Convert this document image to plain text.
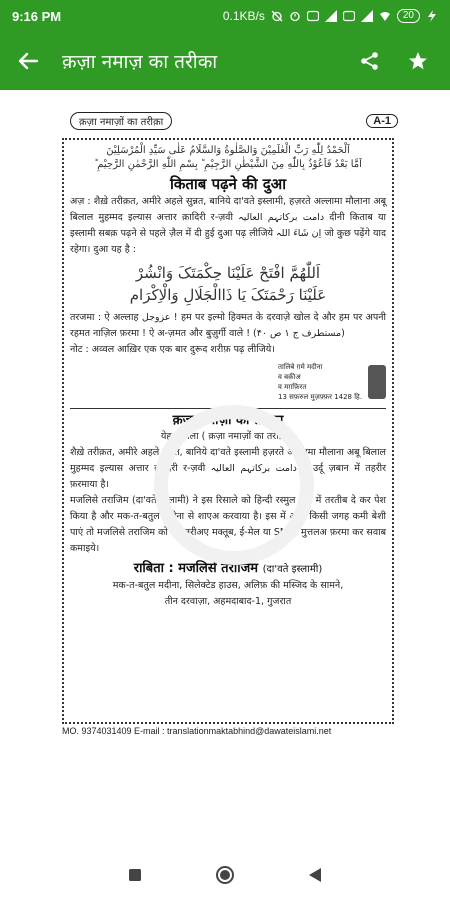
9:16 PM	0.1KB/s	20
क़ज़ा नमाज़ का तरीका
क़ज़ा नमाज़ों का तरीक़ा	A-1
اَلْحَمْدُ لِلّٰهِ رَبِّ الْعٰلَمِیْنَ وَالصَّلٰوةُ وَالسَّلَامُ عَلٰی سَیِّدِ الْمُرْسَلِیْنَ
اَمَّا بَعْدُ فَاَعُوْذُ بِاللّٰهِ مِنَ الشَّیْطٰنِ الرَّجِیْمِ ؕ بِسْمِ اللّٰهِ الرَّحْمٰنِ الرَّحِیْمِ ؕ
किताब पढ़ने की दुआ
अज़ : शैख़े तरीक़त, अमीरे अहले सुन्नत, बानिये दा'वते इस्लामी, हज़रते अल्लामा मौलाना अबू बिलाल मुहम्मद इल्यास अत्तार क़ादिरी र-ज़वी دامت برکاتہم العالیہ दीनी किताब या इस्लामी सबक़ पढ़ने से पहले ज़ैल में दी हुई दुआ पढ़ लीजिये اِن شَاءَ اللہ जो कुछ पढ़ेंगे याद रहेगा। दुआ यह है :
اَللّٰهُمَّ افْتَحْ عَلَیْنَا حِکْمَتَکَ وَانْشُرْ
عَلَیْنَا رَحْمَتَکَ یَا ذَاالْجَلَالِ وَالْاِکْرَام
तरजमा : ऐ अल्लाह عزوجل ! हम पर इल्मो हिक्मत के दरवाज़े खोल दे और हम पर अपनी रहमत नाज़िल फ़रमा ! ऐ अ-ज़मत और बुज़ुर्गी वाले ! (مستطرف ج ۱ ص ۴۰)
नोट : अव्वल आख़िर एक एक बार दुरूद शरीफ़ पढ़ लीजिये।
तालिबे ग़मे मदीना
व बक़ीअ
व मग़फ़िरत
13 सफ़रुल मुज़फ़्फ़र 1428 हि.
क़ज़ा नमाज़ों का तरीक़ा
येह रिसाला ( क़ज़ा नमाज़ों का तरीक़ा )
शैख़े तरीक़त, अमीरे अहले सुन्नत, बानिये दा'वते इस्लामी हज़रते अल्लामा मौलाना अबू बिलाल मुहम्मद इल्यास अत्तार क़ादिरी र-ज़वी دامت برکاتہم العالیہ ने उर्दू ज़बान में तहरीर फ़रमाया है।
मजलिसे तराजिम (दा'वते इस्लामी) ने इस रिसाले को हिन्दी रस्मुल ख़त में तरतीब दे कर पेश किया है और मक-त-बतुल मदीना से शाएअ करवाया है। इस में अगर किसी जगह कमी बेशी पाएं तो मजलिसे तराजिम को (ब ज़रीअए मक्तूब, ई-मेल या SMS) मुत्तलअ फ़रमा कर सवाब कमाइये।
राबिता : मजलिसे तराजिम (दा'वते इस्लामी)
मक-त-बतुल मदीना, सिलेक्टेड हाउस, अलिफ़ की मस्जिद के सामने,
तीन दरवाज़ा, अहमदाबाद-1, गुजरात
MO. 9374031409 E-mail : translationmaktabhind@dawateislami.net
